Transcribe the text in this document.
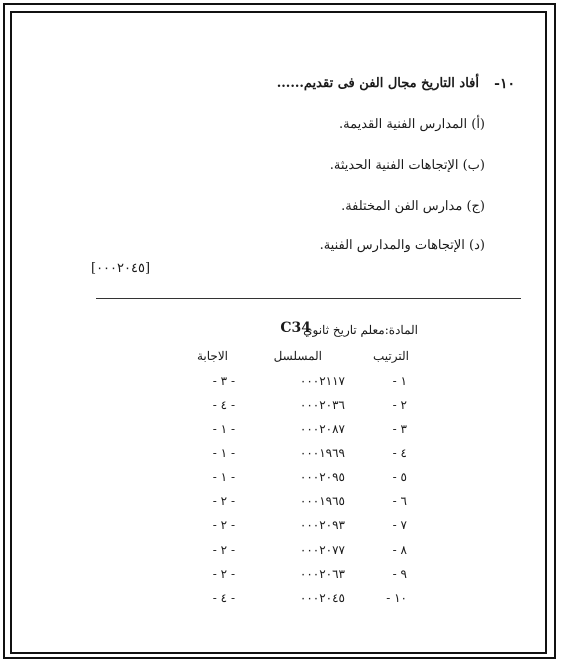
١٠-
أفاد التاريخ مجال الفن فى تقديم......
(أ) المدارس الفنية القديمة.
(ب) الإتجاهات الفنية الحديثة.
(ج) مدارس الفن المختلفة.
(د) الإتجاهات والمدارس الفنية.
[٠٠٠٢٠٤٥]
المادة:معلم تاريخ ثانوي
C34
الترتيب
المسلسل
الاجابة
١ -
٠٠٠٢١١٧
- ٣ -
٢ -
٠٠٠٢٠٣٦
- ٤ -
٣ -
٠٠٠٢٠٨٧
- ١ -
٤ -
٠٠٠١٩٦٩
- ١ -
٥ -
٠٠٠٢٠٩٥
- ١ -
٦ -
٠٠٠١٩٦٥
- ٢ -
٧ -
٠٠٠٢٠٩٣
- ٢ -
٨ -
٠٠٠٢٠٧٧
- ٢ -
٩ -
٠٠٠٢٠٦٣
- ٢ -
١٠ -
٠٠٠٢٠٤٥
- ٤ -
